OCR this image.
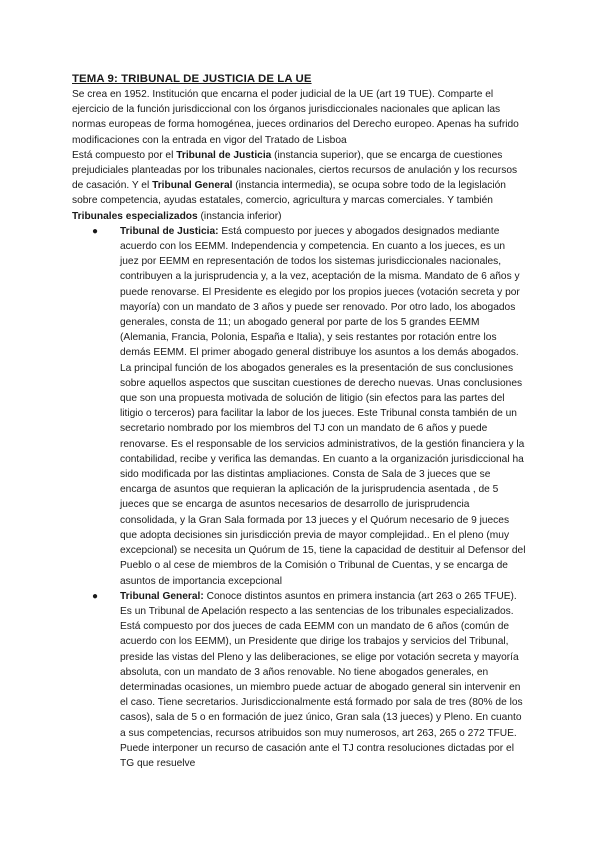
TEMA 9: TRIBUNAL DE JUSTICIA DE LA UE

Se crea en 1952. Institución que encarna el poder judicial de la UE (art 19 TUE). Comparte el ejercicio de la función jurisdiccional con los órganos jurisdiccionales nacionales que aplican las normas europeas de forma homogénea, jueces ordinarios del Derecho europeo. Apenas ha sufrido modificaciones con la entrada en vigor del Tratado de Lisboa

Está compuesto por el Tribunal de Justicia (instancia superior), que se encarga de cuestiones prejudiciales planteadas por los tribunales nacionales, ciertos recursos de anulación y los recursos de casación. Y el Tribunal General (instancia intermedia), se ocupa sobre todo de la legislación sobre competencia, ayudas estatales, comercio, agricultura y marcas comerciales. Y también Tribunales especializados (instancia inferior)

● Tribunal de Justicia: Está compuesto por jueces y abogados designados mediante acuerdo con los EEMM. Independencia y competencia. En cuanto a los jueces, es un juez por EEMM en representación de todos los sistemas jurisdiccionales nacionales, contribuyen a la jurisprudencia y, a la vez, aceptación de la misma. Mandato de 6 años y puede renovarse. El Presidente es elegido por los propios jueces (votación secreta y por mayoría) con un mandato de 3 años y puede ser renovado. Por otro lado, los abogados generales, consta de 11; un abogado general por parte de los 5 grandes EEMM (Alemania, Francia, Polonia, España e Italia), y seis restantes por rotación entre los demás EEMM. El primer abogado general distribuye los asuntos a los demás abogados. La principal función de los abogados generales es la presentación de sus conclusiones sobre aquellos aspectos que suscitan cuestiones de derecho nuevas. Unas conclusiones que son una propuesta motivada de solución de litigio (sin efectos para las partes del litigio o terceros) para facilitar la labor de los jueces. Este Tribunal consta también de un secretario nombrado por los miembros del TJ con un mandato de 6 años y puede renovarse. Es el responsable de los servicios administrativos, de la gestión financiera y la contabilidad, recibe y verifica las demandas. En cuanto a la organización jurisdiccional ha sido modificada por las distintas ampliaciones. Consta de Sala de 3 jueces que se encarga de asuntos que requieran la aplicación de la jurisprudencia asentada , de 5 jueces que se encarga de asuntos necesarios de desarrollo de jurisprudencia consolidada, y la Gran Sala formada por 13 jueces y el Quórum necesario de 9 jueces que adopta decisiones sin jurisdicción previa de mayor complejidad.. En el pleno (muy excepcional) se necesita un Quórum de 15, tiene la capacidad de destituir al Defensor del Pueblo o al cese de miembros de la Comisión o Tribunal de Cuentas, y se encarga de asuntos de importancia excepcional
● Tribunal General: Conoce distintos asuntos en primera instancia (art 263 o 265 TFUE). Es un Tribunal de Apelación respecto a las sentencias de los tribunales especializados. Está compuesto por dos jueces de cada EEMM con un mandato de 6 años (común de acuerdo con los EEMM), un Presidente que dirige los trabajos y servicios del Tribunal, preside las vistas del Pleno y las deliberaciones, se elige por votación secreta y mayoría absoluta, con un mandato de 3 años renovable. No tiene abogados generales, en determinadas ocasiones, un miembro puede actuar de abogado general sin intervenir en el caso. Tiene secretarios. Jurisdiccionalmente está formado por sala de tres (80% de los casos), sala de 5 o en formación de juez único, Gran sala (13 jueces) y Pleno. En cuanto a sus competencias, recursos atribuidos son muy numerosos, art 263, 265 o 272 TFUE. Puede interponer un recurso de casación ante el TJ contra resoluciones dictadas por el TG que resuelve
